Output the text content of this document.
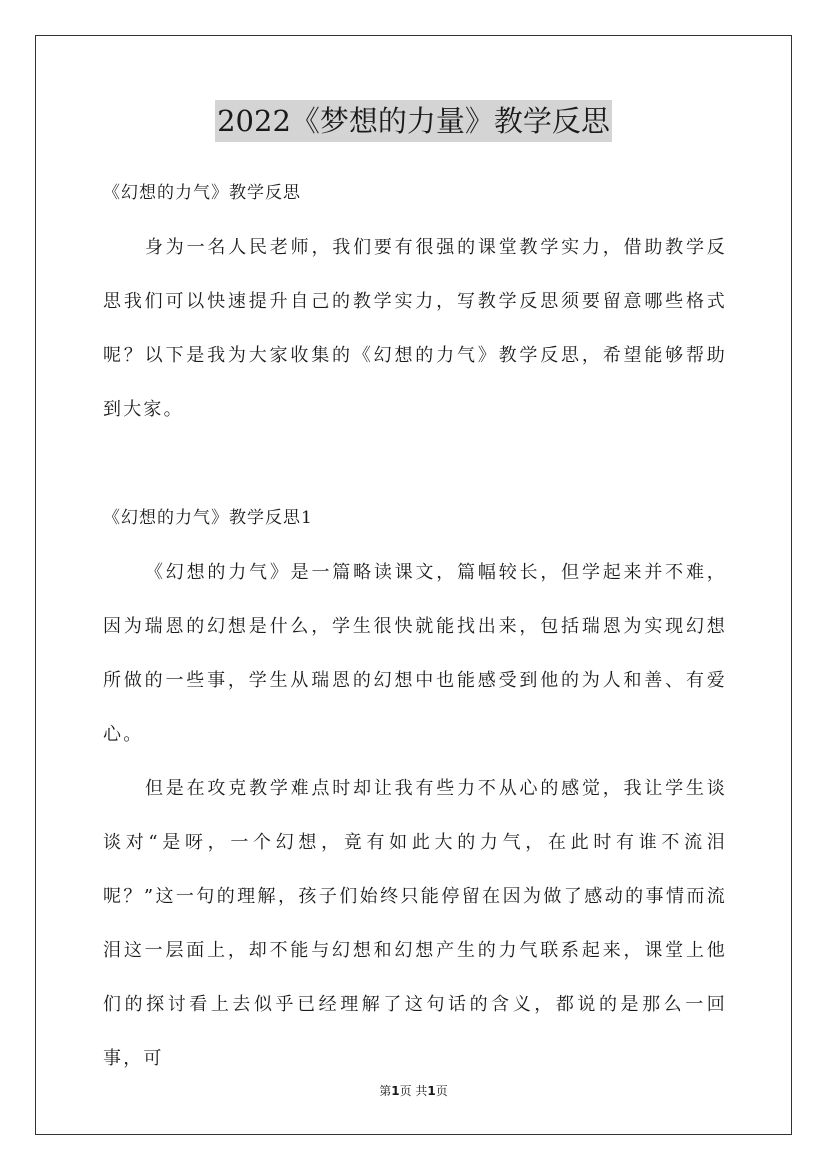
2022《梦想的力量》教学反思
《幻想的力气》教学反思

身为一名人民老师，我们要有很强的课堂教学实力，借助教学反思我们可以快速提升自己的教学实力，写教学反思须要留意哪些格式呢？以下是我为大家收集的《幻想的力气》教学反思，希望能够帮助到大家。

《幻想的力气》教学反思1

《幻想的力气》是一篇略读课文，篇幅较长，但学起来并不难，因为瑞恩的幻想是什么，学生很快就能找出来，包括瑞恩为实现幻想所做的一些事，学生从瑞恩的幻想中也能感受到他的为人和善、有爱心。

但是在攻克教学难点时却让我有些力不从心的感觉，我让学生谈谈对“是呀，一个幻想，竟有如此大的力气，在此时有谁不流泪呢？”这一句的理解，孩子们始终只能停留在因为做了感动的事情而流泪这一层面上，却不能与幻想和幻想产生的力气联系起来，课堂上他们的探讨看上去似乎已经理解了这句话的含义，都说的是那么一回事，可

第1页 共1页
